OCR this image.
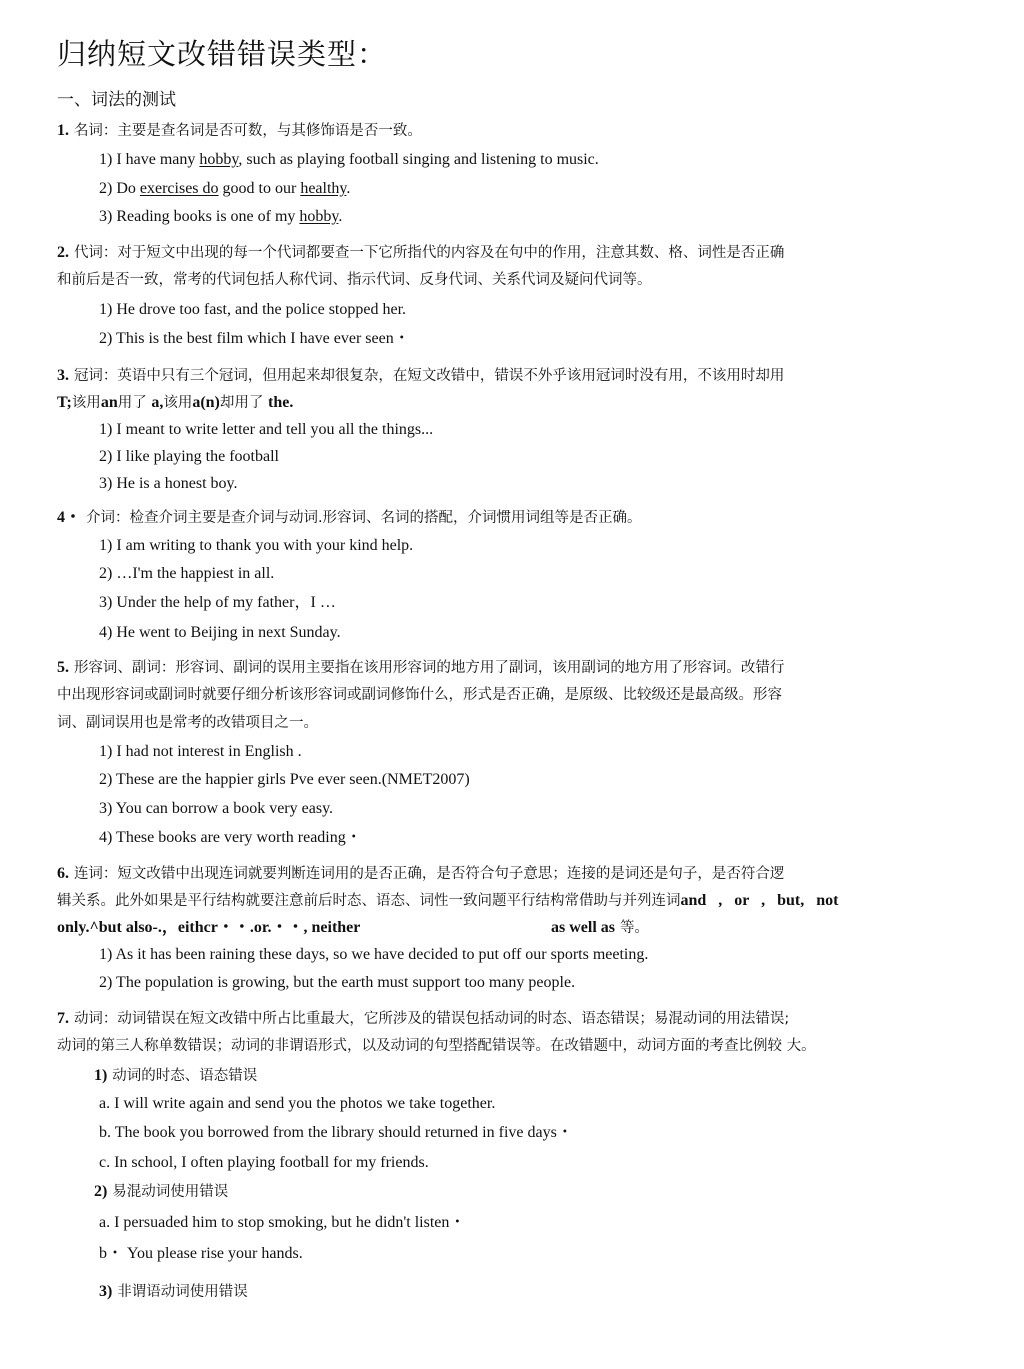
归纳短文改错错误类型：
一、词法的测试
1. 名词：主要是查名词是否可数，与其修饰语是否一致。
1) I have many hobby, such as playing football singing and listening to music.
2) Do exercises do good to our healthy.
3) Reading books is one of my hobby.
2. 代词：对于短文中出现的每一个代词都要查一下它所指代的内容及在句中的作用，注意其数、格、词性是否正确
和前后是否一致，常考的代词包括人称代词、指示代词、反身代词、关系代词及疑问代词等。
1) He drove too fast, and the police stopped her.
2) This is the best film which I have ever seen・
3. 冠词：英语中只有三个冠词，但用起来却很复杂，在短文改错中，错误不外乎该用冠词时没有用，不该用时却用
T;该用an用了 a,该用a(n)却用了 the.
1) I meant to write letter and tell you all the things...
2) I like playing the football
3) He is a honest boy.
4・ 介词：检查介词主要是查介词与动词.形容词、名词的搭配，介词惯用词组等是否正确。
1) I am writing to thank you with your kind help.
2) …I'm the happiest in all.
3) Under the help of my father，I …
4) He went to Beijing in next Sunday.
5. 形容词、副词：形容词、副词的误用主要指在该用形容词的地方用了副词，该用副词的地方用了形容词。改错行
中出现形容词或副词时就要仔细分析该形容词或副词修饰什么，形式是否正确，是原级、比较级还是最高级。形容
词、副词误用也是常考的改错项目之一。
1) I had not interest in English .
2) These are the happier girls Pve ever seen.(NMET2007)
3) You can borrow a book very easy.
4) These books are very worth reading・
6. 连词：短文改错中出现连词就要判断连词用的是否正确，是否符合句子意思；连接的是词还是句子，是否符合逻
辑关系。此外如果是平行结构就要注意前后时态、语态、词性一致问题平行结构常借助与并列连词and   ,   or   ,   but,   not
only.^but also-.，eithcr・・.or.・・, neither	as well as 等。
1) As it has been raining these days, so we have decided to put off our sports meeting.
2) The population is growing, but the earth must support too many people.
7. 动词：动词错误在短文改错中所占比重最大，它所涉及的错误包括动词的时态、语态错误；易混动词的用法错误;
动词的第三人称单数错误；动词的非谓语形式，以及动词的句型搭配错误等。在改错题中，动词方面的考查比例较 大。
1) 动词的时态、语态错误
a. I will write again and send you the photos we take together.
b. The book you borrowed from the library should returned in five days・
c. In school, I often playing football for my friends.
2) 易混动词使用错误
a. I persuaded him to stop smoking, but he didn't listen・
b・ You please rise your hands.
3) 非谓语动词使用错误
